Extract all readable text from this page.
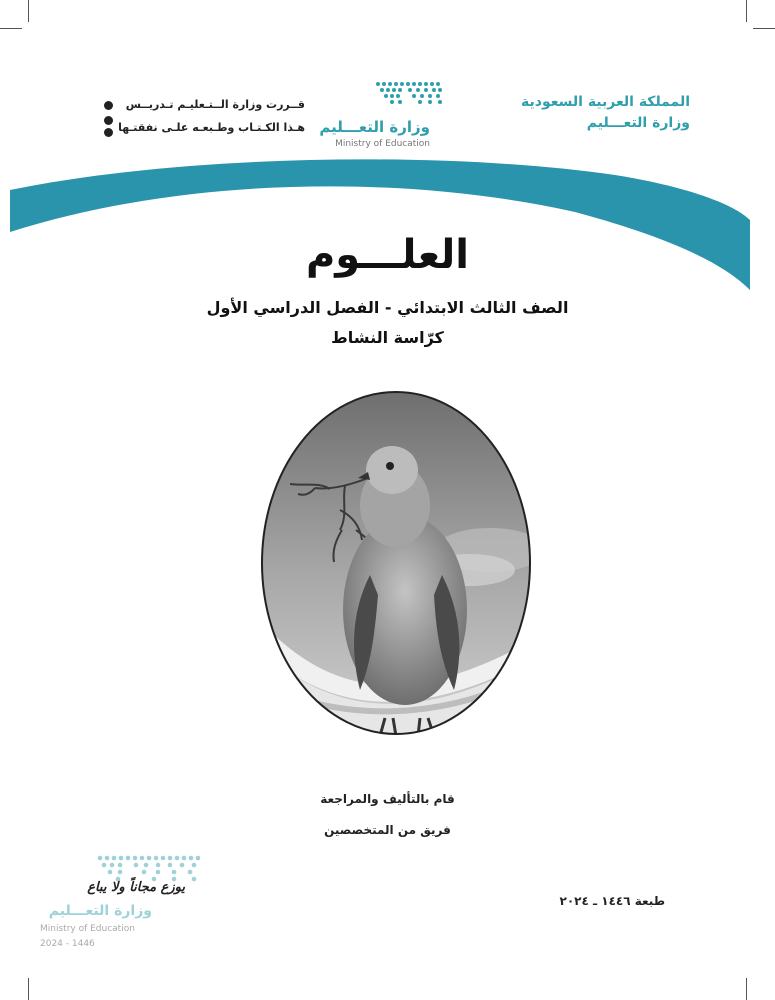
المملكة العربية السعودية
وزارة التعـــليم
وزارة التعـــليم
Ministry of Education
قــررت وزارة الــتـعليـم تـدريــس
هـذا الكـتـاب وطـبعـه علـى نفقتـها
العلـــوم
الصف الثالث الابتدائي - الفصل الدراسي الأول
كرّاسة النشاط
قام بالتأليف والمراجعة
فريق من المتخصصين
طبعة ١٤٤٦ ـ ٢٠٢٤
يوزع مجاناً ولا يباع
وزارة التعـــليم
Ministry of Education
2024 - 1446
